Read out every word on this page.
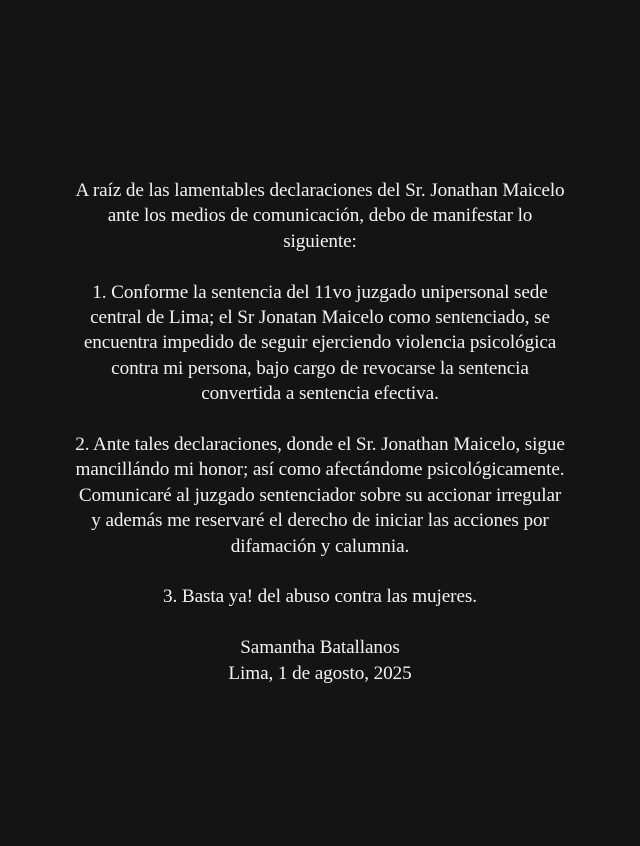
A raíz de las lamentables declaraciones del Sr. Jonathan Maicelo
ante los medios de comunicación, debo de manifestar lo
siguiente:

1. Conforme la sentencia del 11vo juzgado unipersonal sede
central de Lima; el Sr Jonatan Maicelo como sentenciado, se
encuentra impedido de seguir ejerciendo violencia psicológica
contra mi persona, bajo cargo de revocarse la sentencia
convertida a sentencia efectiva.

2. Ante tales declaraciones, donde el Sr. Jonathan Maicelo, sigue
mancillándo mi honor; así como afectándome psicológicamente.
Comunicaré al juzgado sentenciador sobre su accionar irregular
y además me reservaré el derecho de iniciar las acciones por
difamación y calumnia.

3. Basta ya! del abuso contra las mujeres.

Samantha Batallanos
Lima, 1 de agosto, 2025
